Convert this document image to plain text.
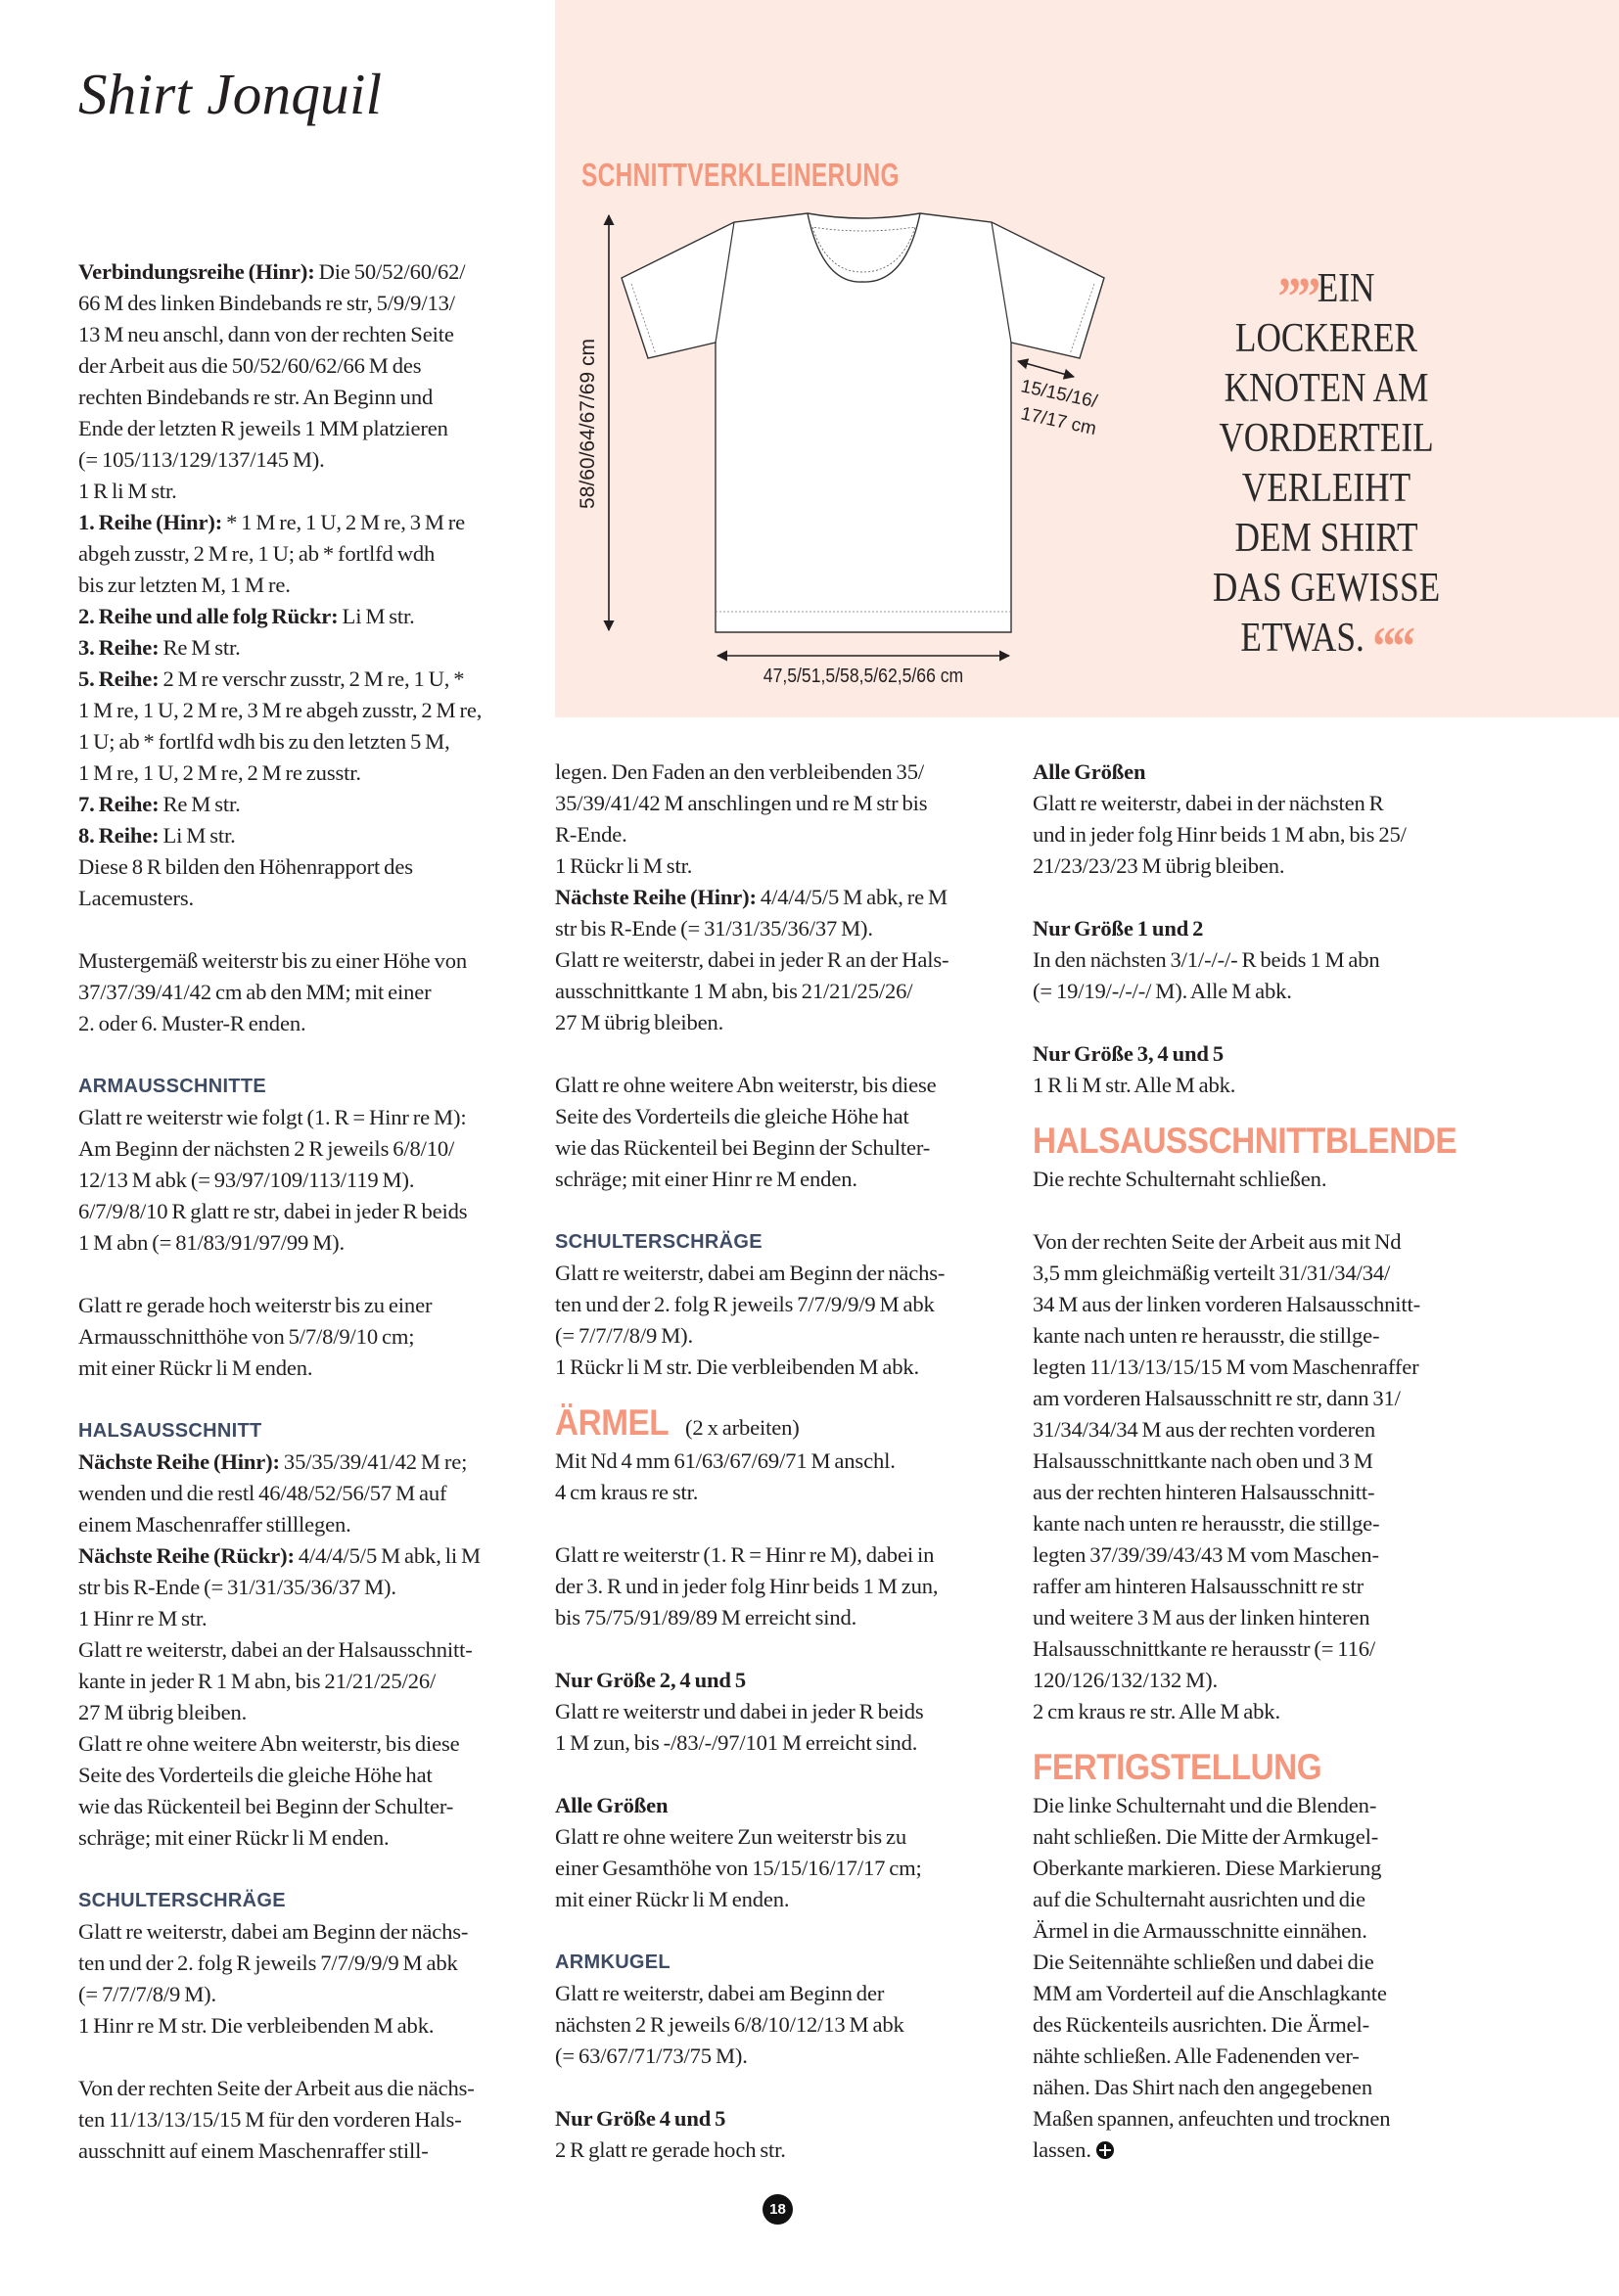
Shirt Jonquil
SCHNITTVERKLEINERUNG
58/60/64/67/69 cm
47,5/51,5/58,5/62,5/66 cm
15/15/16/
17/17 cm
””EIN
LOCKERER
KNOTEN AM
VORDERTEIL
VERLEIHT
DEM SHIRT
DAS GEWISSE
ETWAS. ““
Verbindungsreihe (Hinr): Die 50/52/60/62/
66 M des linken Bindebands re str, 5/9/9/13/
13 M neu anschl, dann von der rechten Seite
der Arbeit aus die 50/52/60/62/66 M des
rechten Bindebands re str. An Beginn und
Ende der letzten R jeweils 1 MM platzieren
(= 105/113/129/137/145 M).
1 R li M str.
1. Reihe (Hinr): * 1 M re, 1 U, 2 M re, 3 M re
abgeh zusstr, 2 M re, 1 U; ab * fortlfd wdh
bis zur letzten M, 1 M re.
2. Reihe und alle folg Rückr: Li M str.
3. Reihe: Re M str.
5. Reihe: 2 M re verschr zusstr, 2 M re, 1 U, *
1 M re, 1 U, 2 M re, 3 M re abgeh zusstr, 2 M re,
1 U; ab * fortlfd wdh bis zu den letzten 5 M,
1 M re, 1 U, 2 M re, 2 M re zusstr.
7. Reihe: Re M str.
8. Reihe: Li M str.
Diese 8 R bilden den Höhenrapport des
Lacemusters.

Mustergemäß weiterstr bis zu einer Höhe von
37/37/39/41/42 cm ab den MM; mit einer
2. oder 6. Muster-R enden.

ARMAUSSCHNITTE
Glatt re weiterstr wie folgt (1. R = Hinr re M):
Am Beginn der nächsten 2 R jeweils 6/8/10/
12/13 M abk (= 93/97/109/113/119 M).
6/7/9/8/10 R glatt re str, dabei in jeder R beids
1 M abn (= 81/83/91/97/99 M).

Glatt re gerade hoch weiterstr bis zu einer
Armausschnitthöhe von 5/7/8/9/10 cm;
mit einer Rückr li M enden.

HALSAUSSCHNITT
Nächste Reihe (Hinr): 35/35/39/41/42 M re;
wenden und die restl 46/48/52/56/57 M auf
einem Maschenraffer stilllegen.
Nächste Reihe (Rückr): 4/4/4/5/5 M abk, li M
str bis R-Ende (= 31/31/35/36/37 M).
1 Hinr re M str.
Glatt re weiterstr, dabei an der Halsausschnitt-
kante in jeder R 1 M abn, bis 21/21/25/26/
27 M übrig bleiben.
Glatt re ohne weitere Abn weiterstr, bis diese
Seite des Vorderteils die gleiche Höhe hat
wie das Rückenteil bei Beginn der Schulter-
schräge; mit einer Rückr li M enden.

SCHULTERSCHRÄGE
Glatt re weiterstr, dabei am Beginn der nächs-
ten und der 2. folg R jeweils 7/7/9/9/9 M abk
(= 7/7/7/8/9 M).
1 Hinr re M str. Die verbleibenden M abk.

Von der rechten Seite der Arbeit aus die nächs-
ten 11/13/13/15/15 M für den vorderen Hals-
ausschnitt auf einem Maschenraffer still-
legen. Den Faden an den verbleibenden 35/
35/39/41/42 M anschlingen und re M str bis
R-Ende.
1 Rückr li M str.
Nächste Reihe (Hinr): 4/4/4/5/5 M abk, re M
str bis R-Ende (= 31/31/35/36/37 M).
Glatt re weiterstr, dabei in jeder R an der Hals-
ausschnittkante 1 M abn, bis 21/21/25/26/
27 M übrig bleiben.

Glatt re ohne weitere Abn weiterstr, bis diese
Seite des Vorderteils die gleiche Höhe hat
wie das Rückenteil bei Beginn der Schulter-
schräge; mit einer Hinr re M enden.

SCHULTERSCHRÄGE
Glatt re weiterstr, dabei am Beginn der nächs-
ten und der 2. folg R jeweils 7/7/9/9/9 M abk
(= 7/7/7/8/9 M).
1 Rückr li M str. Die verbleibenden M abk.
ÄRMEL (2 x arbeiten)
Mit Nd 4 mm 61/63/67/69/71 M anschl.
4 cm kraus re str.

Glatt re weiterstr (1. R = Hinr re M), dabei in
der 3. R und in jeder folg Hinr beids 1 M zun,
bis 75/75/91/89/89 M erreicht sind.

Nur Größe 2, 4 und 5
Glatt re weiterstr und dabei in jeder R beids
1 M zun, bis -/83/-/97/101 M erreicht sind.

Alle Größen
Glatt re ohne weitere Zun weiterstr bis zu
einer Gesamthöhe von 15/15/16/17/17 cm;
mit einer Rückr li M enden.

ARMKUGEL
Glatt re weiterstr, dabei am Beginn der
nächsten 2 R jeweils 6/8/10/12/13 M abk
(= 63/67/71/73/75 M).

Nur Größe 4 und 5
2 R glatt re gerade hoch str.
Alle Größen
Glatt re weiterstr, dabei in der nächsten R
und in jeder folg Hinr beids 1 M abn, bis 25/
21/23/23/23 M übrig bleiben.

Nur Größe 1 und 2
In den nächsten 3/1/-/-/- R beids 1 M abn
(= 19/19/-/-/-/ M). Alle M abk.

Nur Größe 3, 4 und 5
1 R li M str. Alle M abk.
HALSAUSSCHNITTBLENDE
Die rechte Schulternaht schließen.

Von der rechten Seite der Arbeit aus mit Nd
3,5 mm gleichmäßig verteilt 31/31/34/34/
34 M aus der linken vorderen Halsausschnitt-
kante nach unten re herausstr, die stillge-
legten 11/13/13/15/15 M vom Maschenraffer
am vorderen Halsausschnitt re str, dann 31/
31/34/34/34 M aus der rechten vorderen
Halsausschnittkante nach oben und 3 M
aus der rechten hinteren Halsausschnitt-
kante nach unten re herausstr, die stillge-
legten 37/39/39/43/43 M vom Maschen-
raffer am hinteren Halsausschnitt re str
und weitere 3 M aus der linken hinteren
Halsausschnittkante re herausstr (= 116/
120/126/132/132 M).
2 cm kraus re str. Alle M abk.
FERTIGSTELLUNG
Die linke Schulternaht und die Blenden-
naht schließen. Die Mitte der Armkugel-
Oberkante markieren. Diese Markierung
auf die Schulternaht ausrichten und die
Ärmel in die Armausschnitte einnähen.
Die Seitennähte schließen und dabei die
MM am Vorderteil auf die Anschlagkante
des Rückenteils ausrichten. Die Ärmel-
nähte schließen. Alle Fadenenden ver-
nähen. Das Shirt nach den angegebenen
Maßen spannen, anfeuchten und trocknen
lassen.
18
